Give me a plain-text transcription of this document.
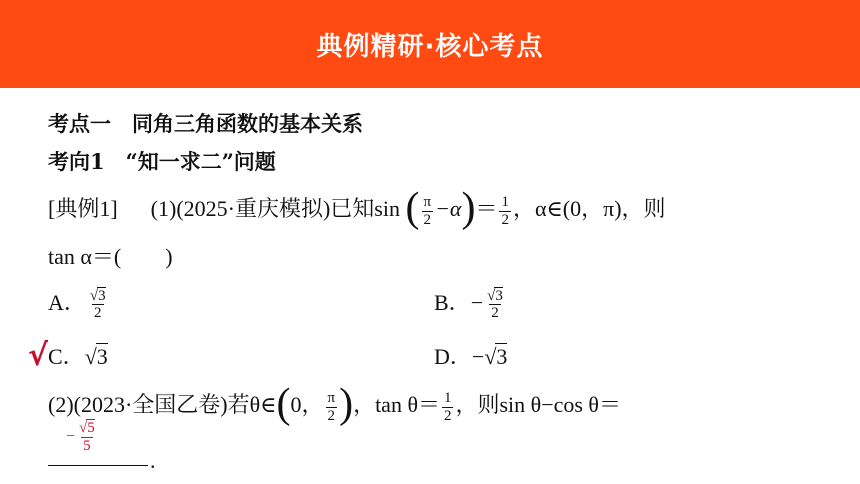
典例精研·核心考点
考点一　同角三角函数的基本关系
考向1　“知一求二”问题
[典例1] 　 (1)(2025·重庆模拟)已知sin ( $\frac{\pi}{2} -\alpha)= \frac{1}{2}$ ，α∈(0，π)，则
tan α＝(　　)
A． $\frac{√3}{2}$	B．− $\frac{√3}{2}$
√ C．√3	D．−√3
(2)(2023·全国乙卷)若θ∈(0， $\frac{\pi}{2}$ )，$\tan \theta= \frac{1}{2}$ ，则sin θ−cos θ＝
− $\frac{√5}{5}$
.
